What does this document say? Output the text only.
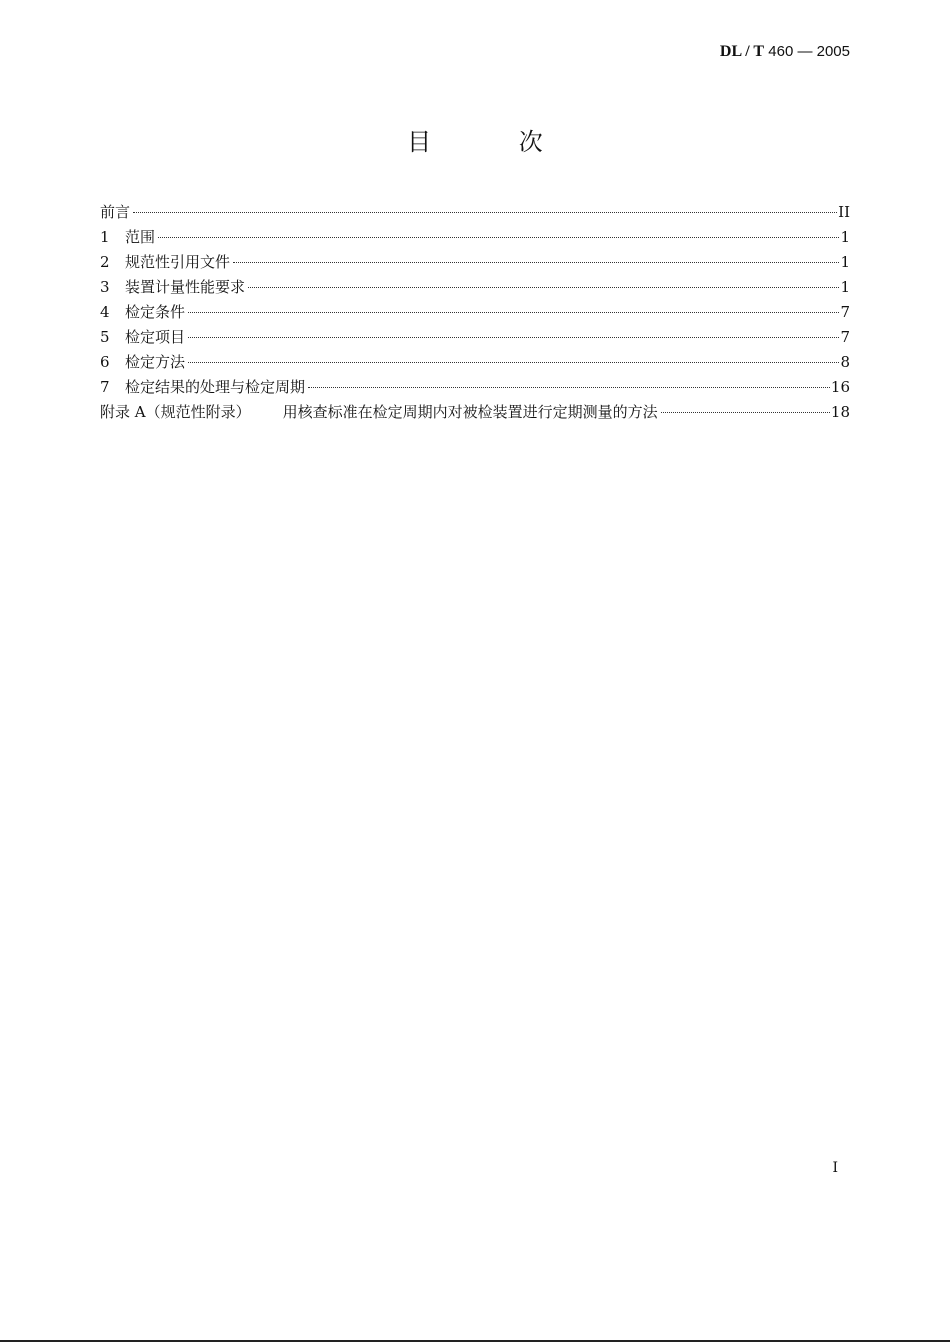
DL / T 460 — 2005
目 次
前言	II
1	范围	1
2	规范性引用文件	1
3	装置计量性能要求	1
4	检定条件	7
5	检定项目	7
6	检定方法	8
7	检定结果的处理与检定周期	16
附录 A（规范性附录） 用核查标准在检定周期内对被检装置进行定期测量的方法	18
I
